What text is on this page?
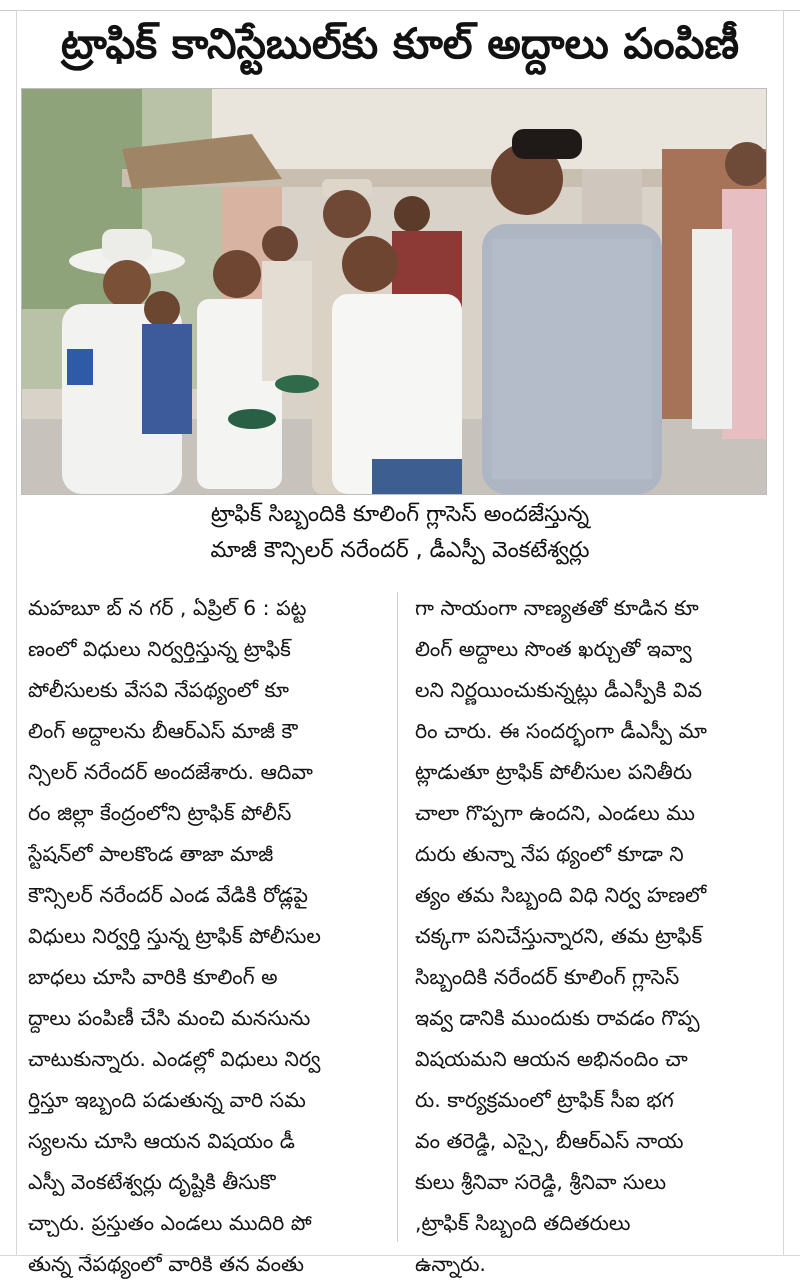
ట్రాఫిక్ కానిస్టేబుల్‌కు కూల్ అద్దాలు పంపిణీ
ట్రాఫిక్ సిబ్బందికి కూలింగ్ గ్లాసెస్ అందజేస్తున్న
మాజీ కౌన్సిలర్ నరేందర్ , డీఎస్పీ వెంకటేశ్వర్లు

మహబూ బ్ న గర్ , ఏప్రిల్ 6 : పట్ట

ణంలో విధులు నిర్వర్తిస్తున్న ట్రాఫిక్

పోలీసులకు వేసవి నేపథ్యంలో కూ

లింగ్ అద్దాలను బీఆర్ఎస్ మాజీ కౌ

న్సిలర్ నరేందర్ అందజేశారు. ఆదివా

రం జిల్లా కేంద్రంలోని ట్రాఫిక్ పోలీస్

స్టేషన్‌లో పాలకొండ తాజా మాజీ

కౌన్సిలర్ నరేందర్ ఎండ వేడికి రోడ్లపై

విధులు నిర్వర్తి స్తున్న ట్రాఫిక్ పోలీసుల

బాధలు చూసి వారికి కూలింగ్ అ

ద్దాలు పంపిణీ చేసి మంచి మనసును

చాటుకున్నారు. ఎండల్లో విధులు నిర్వ

ర్తిస్తూ ఇబ్బంది పడుతున్న వారి సమ

స్యలను చూసి ఆయన విషయం డీ

ఎస్పీ వెంకటేశ్వర్లు దృష్టికి తీసుకొ

చ్చారు. ప్రస్తుతం ఎండలు ముదిరి పో

తున్న నేపథ్యంలో వారికి తన వంతు

గా సాయంగా నాణ్యతతో కూడిన కూ

లింగ్ అద్దాలు సొంత ఖర్చుతో ఇవ్వా

లని నిర్ణయించుకున్నట్లు డీఎస్పీకి వివ

రిం చారు. ఈ సందర్భంగా డీఎస్పీ మా

ట్లాడుతూ ట్రాఫిక్ పోలీసుల పనితీరు

చాలా గొప్పగా ఉందని, ఎండలు ము

దురు తున్నా నేప థ్యంలో కూడా ని

త్యం తమ సిబ్బంది విధి నిర్వ హణలో

చక్కగా పనిచేస్తున్నారని, తమ ట్రాఫిక్

సిబ్బందికి నరేందర్ కూలింగ్ గ్లాసెస్

ఇవ్వ డానికి ముందుకు రావడం గొప్ప

విషయమని ఆయన అభినందిం చా

రు. కార్యక్రమంలో ట్రాఫిక్ సీఐ భగ

వం తరెడ్డి, ఎస్సై, బీఆర్ఎస్ నాయ

కులు శ్రీనివా సరెడ్డి, శ్రీనివా సులు

,ట్రాఫిక్ సిబ్బంది తదితరులు

ఉన్నారు.
